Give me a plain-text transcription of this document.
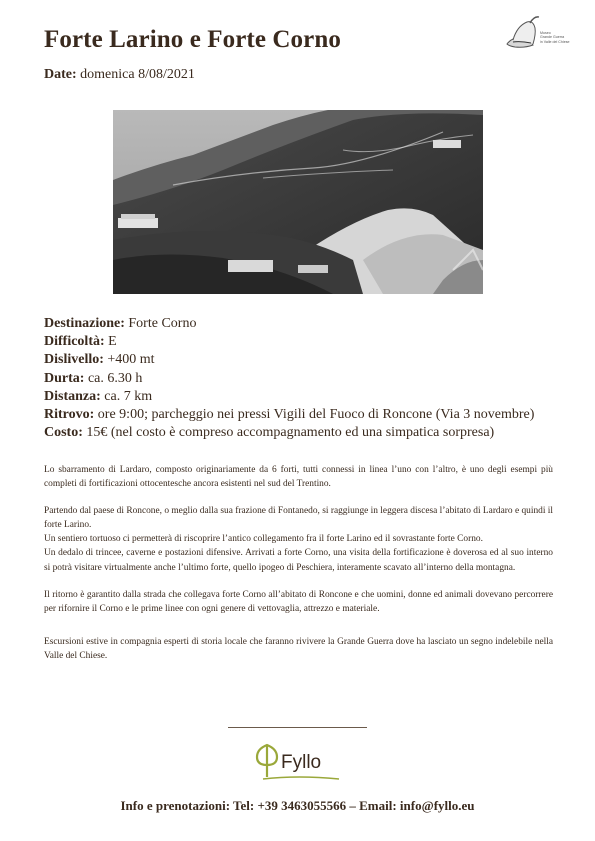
Forte Larino e Forte Corno
Date: domenica 8/08/2021
Museo
Grande Guerra
in Valle del Chiese
Destinazione: Forte Corno
Difficoltà: E
Dislivello: +400 mt
Durta: ca. 6.30 h
Distanza: ca. 7 km
Ritrovo: ore 9:00; parcheggio nei pressi Vigili del Fuoco di Roncone (Via 3 novembre)
Costo: 15€ (nel costo è compreso accompagnamento ed una simpatica sorpresa)

Lo sbarramento di Lardaro, composto originariamente da 6 forti, tutti connessi in linea l’uno con l’altro, è uno degli esempi più completi di fortificazioni ottocentesche ancora esistenti nel sud del Trentino.

Partendo dal paese di Roncone, o meglio dalla sua frazione di Fontanedo, si raggiunge in leggera discesa l’abitato di Lardaro e quindi il forte Larino.

Un sentiero tortuoso ci permetterà di riscoprire l’antico collegamento fra il forte Larino ed il sovrastante forte Corno.

Un dedalo di trincee, caverne e postazioni difensive. Arrivati a forte Corno, una visita della fortificazione è doverosa ed al suo interno si potrà visitare virtualmente anche l’ultimo forte, quello ipogeo di Peschiera, interamente scavato all’interno della montagna.

Il ritorno è garantito dalla strada che collegava forte Corno all’abitato di Roncone e che uomini, donne ed animali dovevano percorrere per rifornire il Corno e le prime linee con ogni genere di vettovaglia, attrezzo e materiale.

Escursioni estive in compagnia esperti di storia locale che faranno rivivere la Grande Guerra dove ha lasciato un segno indelebile nella Valle del Chiese.

Fyllo
Info e prenotazioni: Tel: +39 3463055566 – Email: info@fyllo.eu
